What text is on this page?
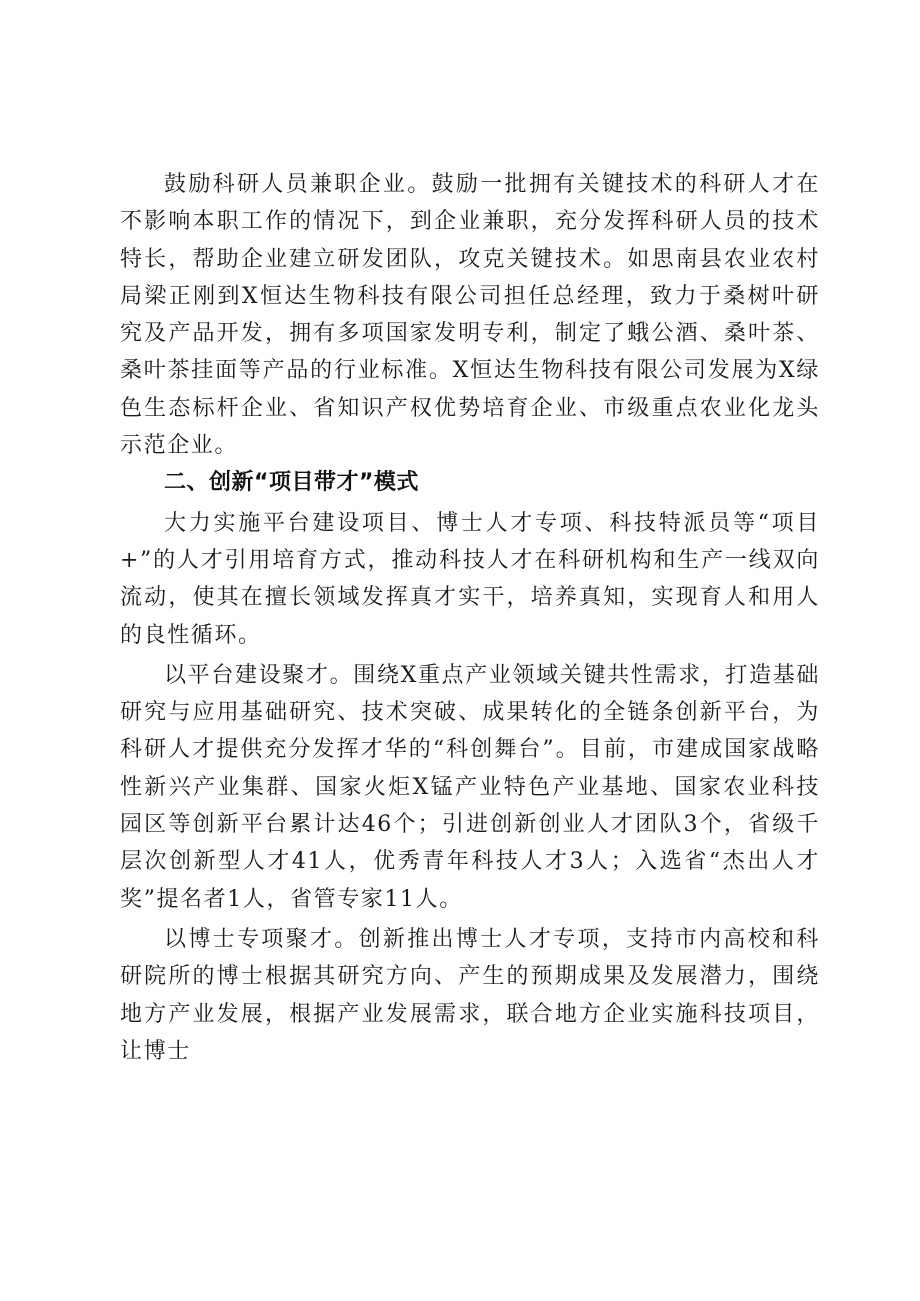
鼓励科研人员兼职企业。鼓励一批拥有关键技术的科研人才在不影响本职工作的情况下，到企业兼职，充分发挥科研人员的技术特长，帮助企业建立研发团队，攻克关键技术。如思南县农业农村局梁正刚到X恒达生物科技有限公司担任总经理，致力于桑树叶研究及产品开发，拥有多项国家发明专利，制定了蛾公酒、桑叶茶、桑叶茶挂面等产品的行业标准。X恒达生物科技有限公司发展为X绿色生态标杆企业、省知识产权优势培育企业、市级重点农业化龙头示范企业。

二、创新“项目带才”模式

大力实施平台建设项目、博士人才专项、科技特派员等“项目+”的人才引用培育方式，推动科技人才在科研机构和生产一线双向流动，使其在擅长领域发挥真才实干，培养真知，实现育人和用人的良性循环。

以平台建设聚才。围绕X重点产业领域关键共性需求，打造基础研究与应用基础研究、技术突破、成果转化的全链条创新平台，为科研人才提供充分发挥才华的“科创舞台”。目前，市建成国家战略性新兴产业集群、国家火炬X锰产业特色产业基地、国家农业科技园区等创新平台累计达46个；引进创新创业人才团队3个，省级千层次创新型人才41人，优秀青年科技人才3人；入选省“杰出人才奖”提名者1人，省管专家11人。

以博士专项聚才。创新推出博士人才专项，支持市内高校和科研院所的博士根据其研究方向、产生的预期成果及发展潜力，围绕地方产业发展，根据产业发展需求，联合地方企业实施科技项目，让博士
